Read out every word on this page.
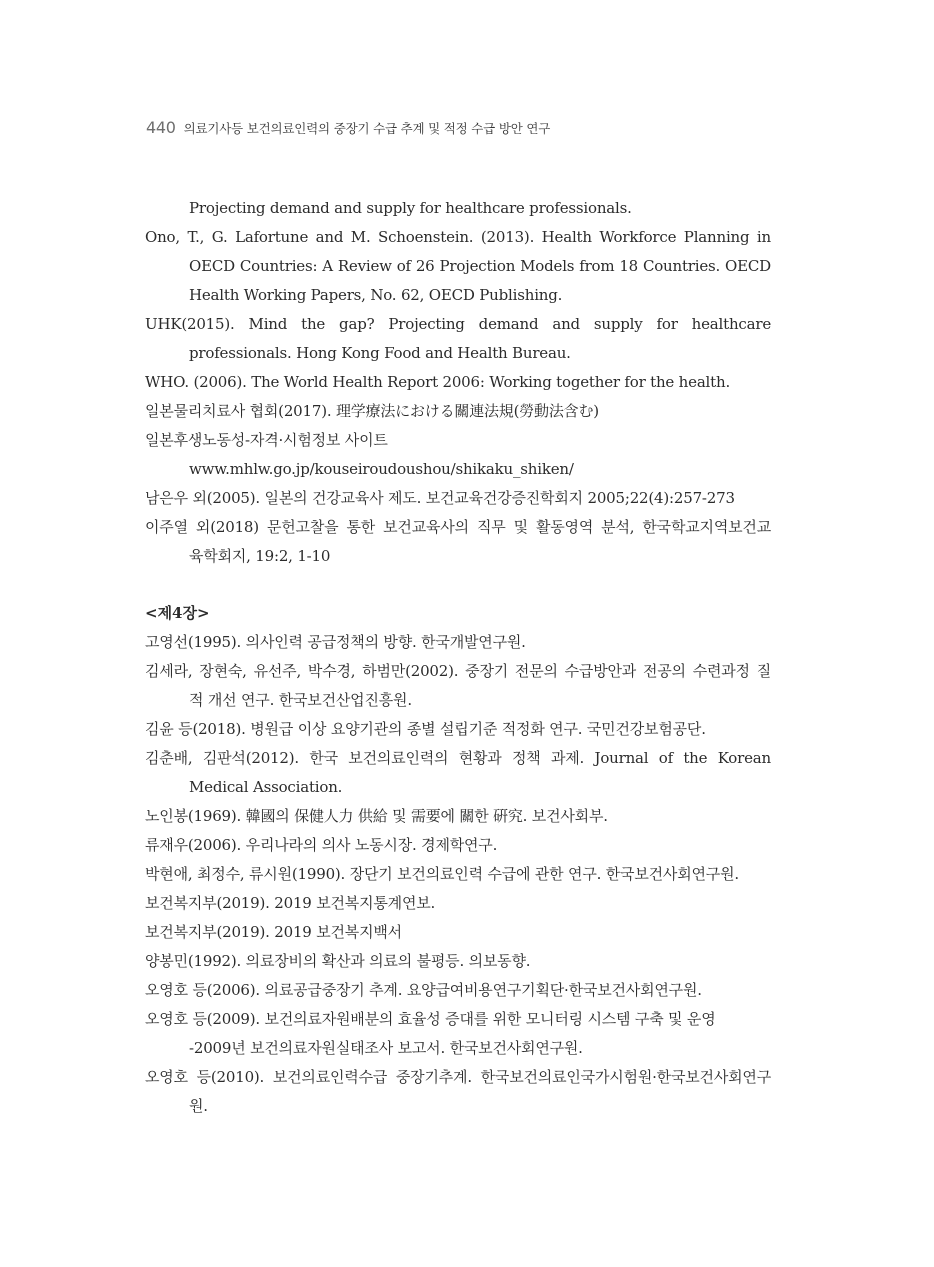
440 의료기사등 보건의료인력의 중장기 수급 추계 및 적정 수급 방안 연구
Projecting demand and supply for healthcare professionals.
Ono, T., G. Lafortune and M. Schoenstein. (2013). Health Workforce Planning in
OECD Countries: A Review of 26 Projection Models from 18 Countries. OECD
Health Working Papers, No. 62, OECD Publishing.
UHK(2015). Mind the gap? Projecting demand and supply for healthcare
professionals. Hong Kong Food and Health Bureau.
WHO. (2006). The World Health Report 2006: Working together for the health.
일본물리치료사 협회(2017). 理学療法における關連法規(勞動法含む)
일본후생노동성-자격·시험정보 사이트
www.mhlw.go.jp/kouseiroudoushou/shikaku_shiken/
남은우 외(2005). 일본의 건강교육사 제도. 보건교육건강증진학회지 2005;22(4):257-273
이주열 외(2018) 문헌고찰을 통한 보건교육사의 직무 및 활동영역 분석, 한국학교지역보건교
육학회지, 19:2, 1-10
<제4장>
고영선(1995). 의사인력 공급정책의 방향. 한국개발연구원.
김세라, 장현숙, 유선주, 박수경, 하범만(2002). 중장기 전문의 수급방안과 전공의 수련과정 질
적 개선 연구. 한국보건산업진흥원.
김윤 등(2018). 병원급 이상 요양기관의 종별 설립기준 적정화 연구. 국민건강보험공단.
김춘배, 김판석(2012). 한국 보건의료인력의 현황과 정책 과제. Journal of the Korean
Medical Association.
노인봉(1969). 韓國의 保健人力 供給 및 需要에 關한 硏究. 보건사회부.
류재우(2006). 우리나라의 의사 노동시장. 경제학연구.
박현애, 최정수, 류시원(1990). 장단기 보건의료인력 수급에 관한 연구. 한국보건사회연구원.
보건복지부(2019). 2019 보건복지통계연보.
보건복지부(2019). 2019 보건복지백서
양봉민(1992). 의료장비의 확산과 의료의 불평등. 의보동향.
오영호 등(2006). 의료공급중장기 추계. 요양급여비용연구기획단·한국보건사회연구원.
오영호 등(2009). 보건의료자원배분의 효율성 증대를 위한 모니터링 시스템 구축 및 운영
-2009년 보건의료자원실태조사 보고서. 한국보건사회연구원.
오영호 등(2010). 보건의료인력수급 중장기추계. 한국보건의료인국가시험원·한국보건사회연구
원.
